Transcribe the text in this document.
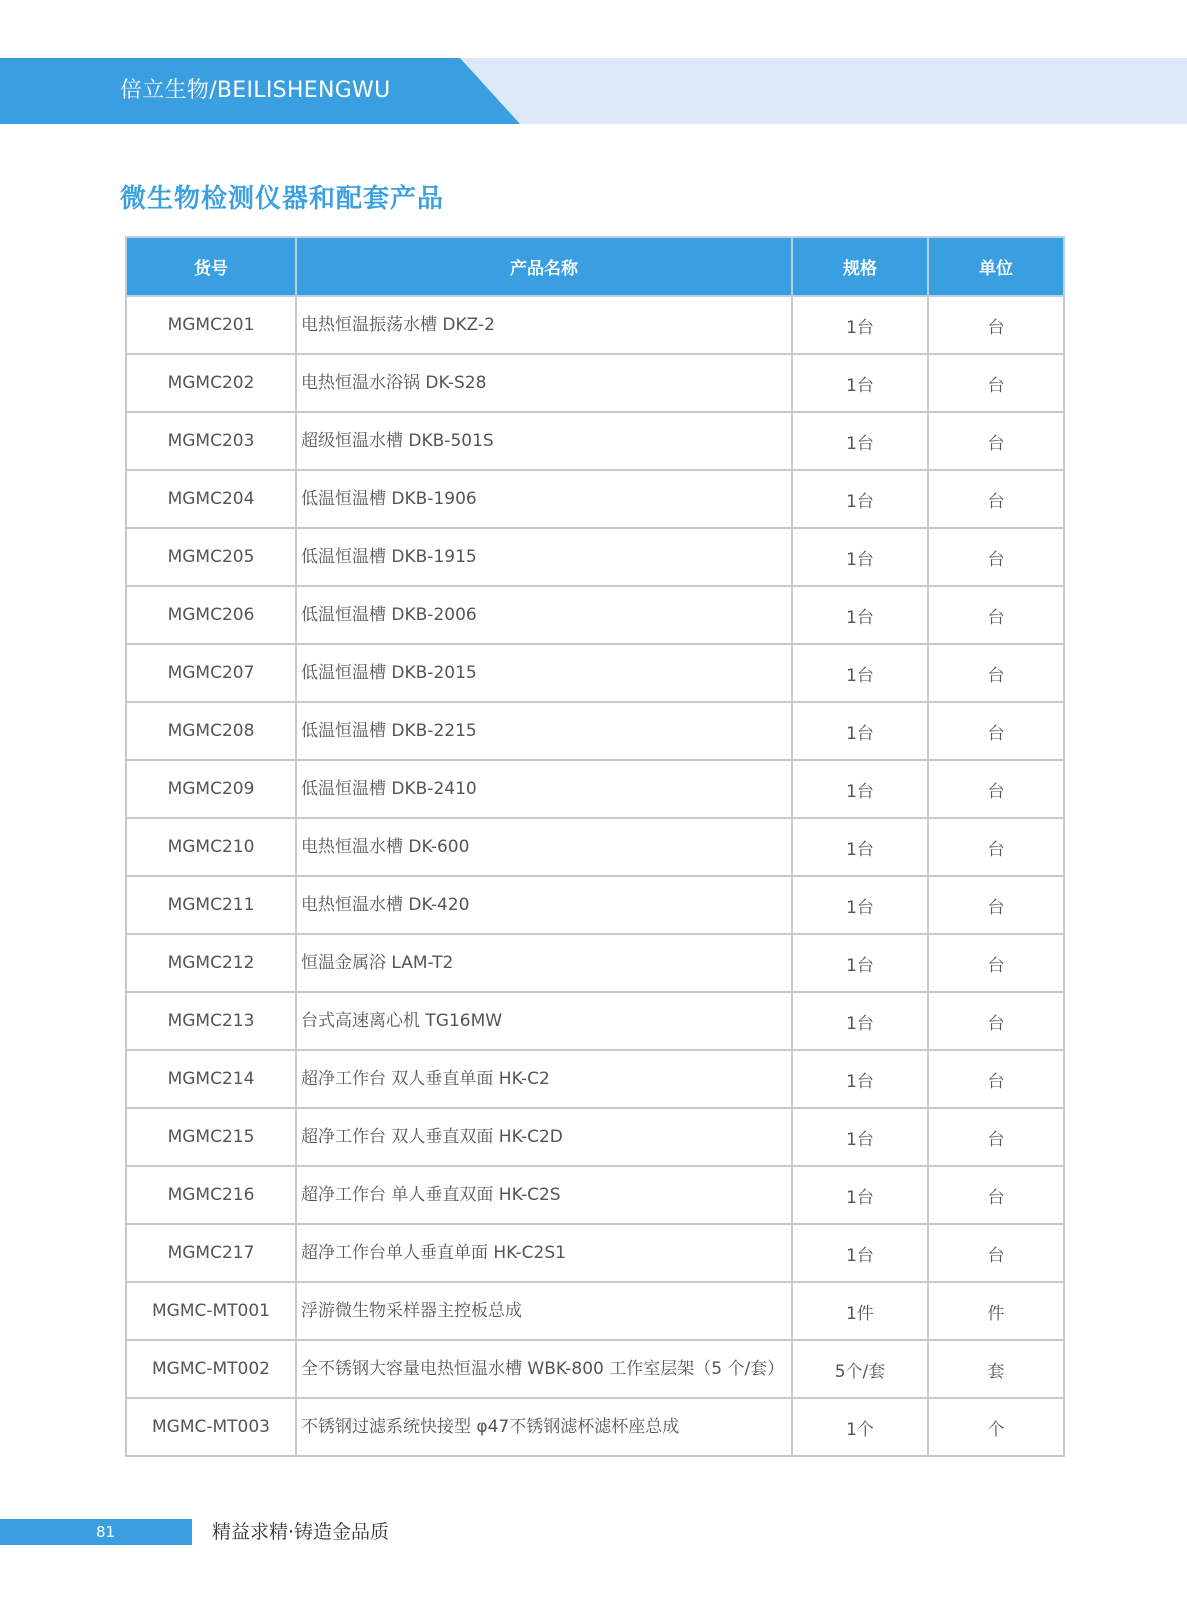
倍立生物/BEILISHENGWU
微生物检测仪器和配套产品
货号	产品名称	规格	单位
MGMC201	电热恒温振荡水槽 DKZ-2	1台	台
MGMC202	电热恒温水浴锅 DK-S28	1台	台
MGMC203	超级恒温水槽 DKB-501S	1台	台
MGMC204	低温恒温槽 DKB-1906	1台	台
MGMC205	低温恒温槽 DKB-1915	1台	台
MGMC206	低温恒温槽 DKB-2006	1台	台
MGMC207	低温恒温槽 DKB-2015	1台	台
MGMC208	低温恒温槽 DKB-2215	1台	台
MGMC209	低温恒温槽 DKB-2410	1台	台
MGMC210	电热恒温水槽 DK-600	1台	台
MGMC211	电热恒温水槽 DK-420	1台	台
MGMC212	恒温金属浴 LAM-T2	1台	台
MGMC213	台式高速离心机 TG16MW	1台	台
MGMC214	超净工作台 双人垂直单面 HK-C2	1台	台
MGMC215	超净工作台 双人垂直双面 HK-C2D	1台	台
MGMC216	超净工作台 单人垂直双面 HK-C2S	1台	台
MGMC217	超净工作台单人垂直单面 HK-C2S1	1台	台
MGMC-MT001	浮游微生物采样器主控板总成	1件	件
MGMC-MT002	全不锈钢大容量电热恒温水槽 WBK-800 工作室层架（5 个/套）	5个/套	套
MGMC-MT003	不锈钢过滤系统快接型 φ47不锈钢滤杯滤杯座总成	1个	个
81	精益求精·铸造金品质
